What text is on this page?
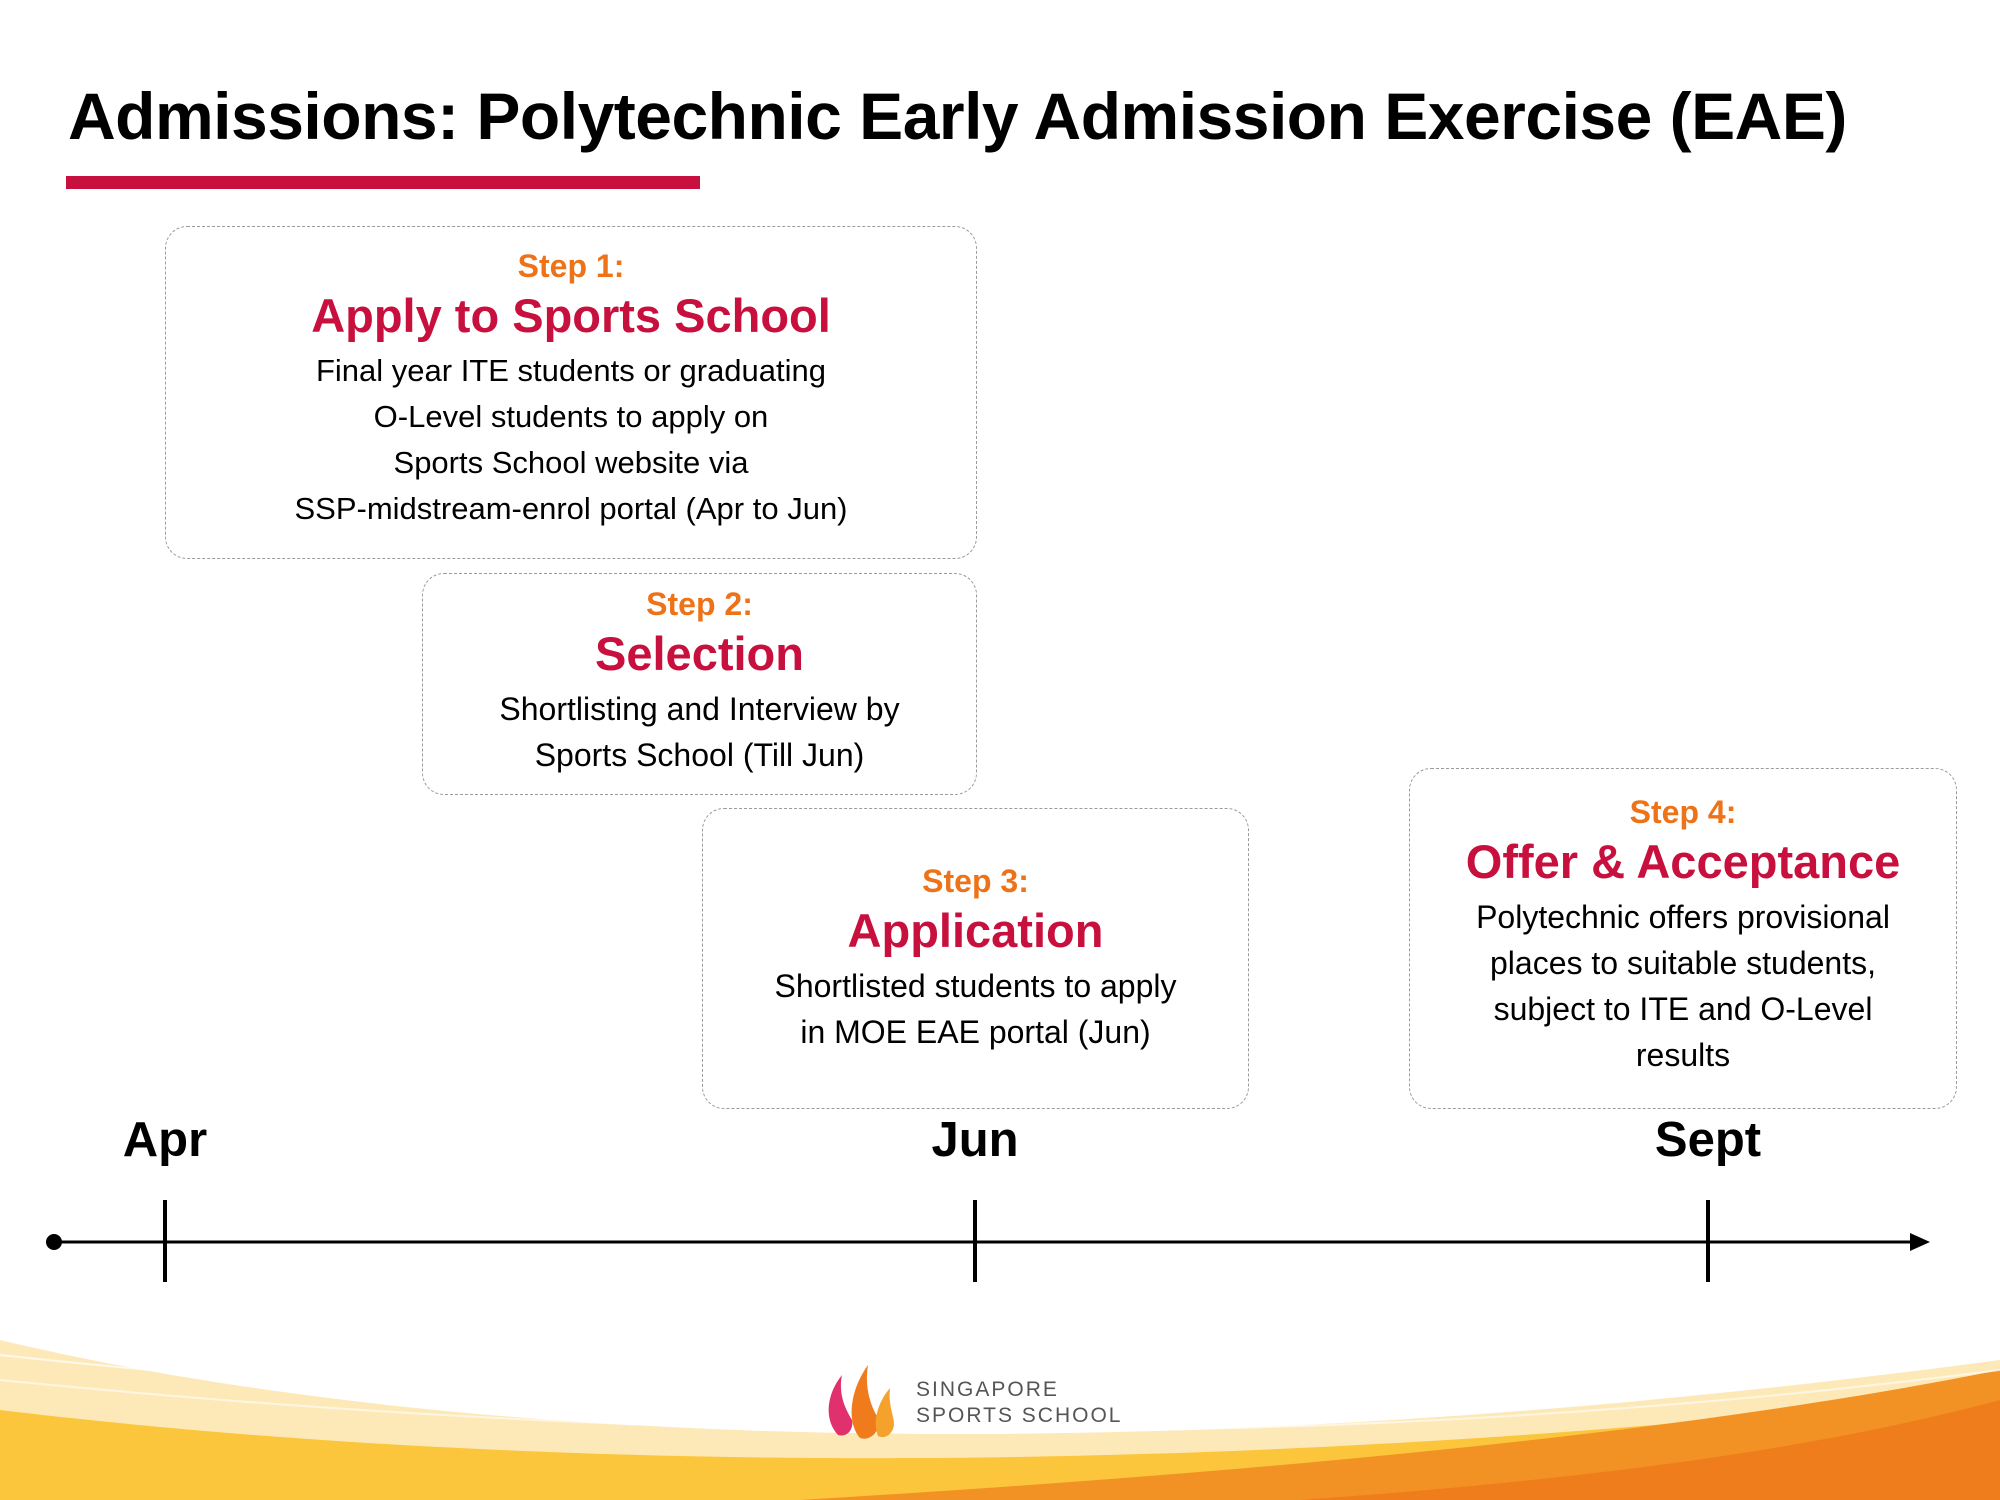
Admissions: Polytechnic Early Admission Exercise (EAE)
Step 1:
Apply to Sports School
Final year ITE students or graduating
O-Level students to apply on
Sports School website via
SSP-midstream-enrol portal (Apr to Jun)
Step 2:
Selection
Shortlisting and Interview by
Sports School (Till Jun)
Step 3:
Application
Shortlisted students to apply
in MOE EAE portal (Jun)
Step 4:
Offer & Acceptance
Polytechnic offers provisional
places to suitable students,
subject to ITE and O-Level
results
Apr	Jun	Sept
SINGAPORE
SPORTS SCHOOL
